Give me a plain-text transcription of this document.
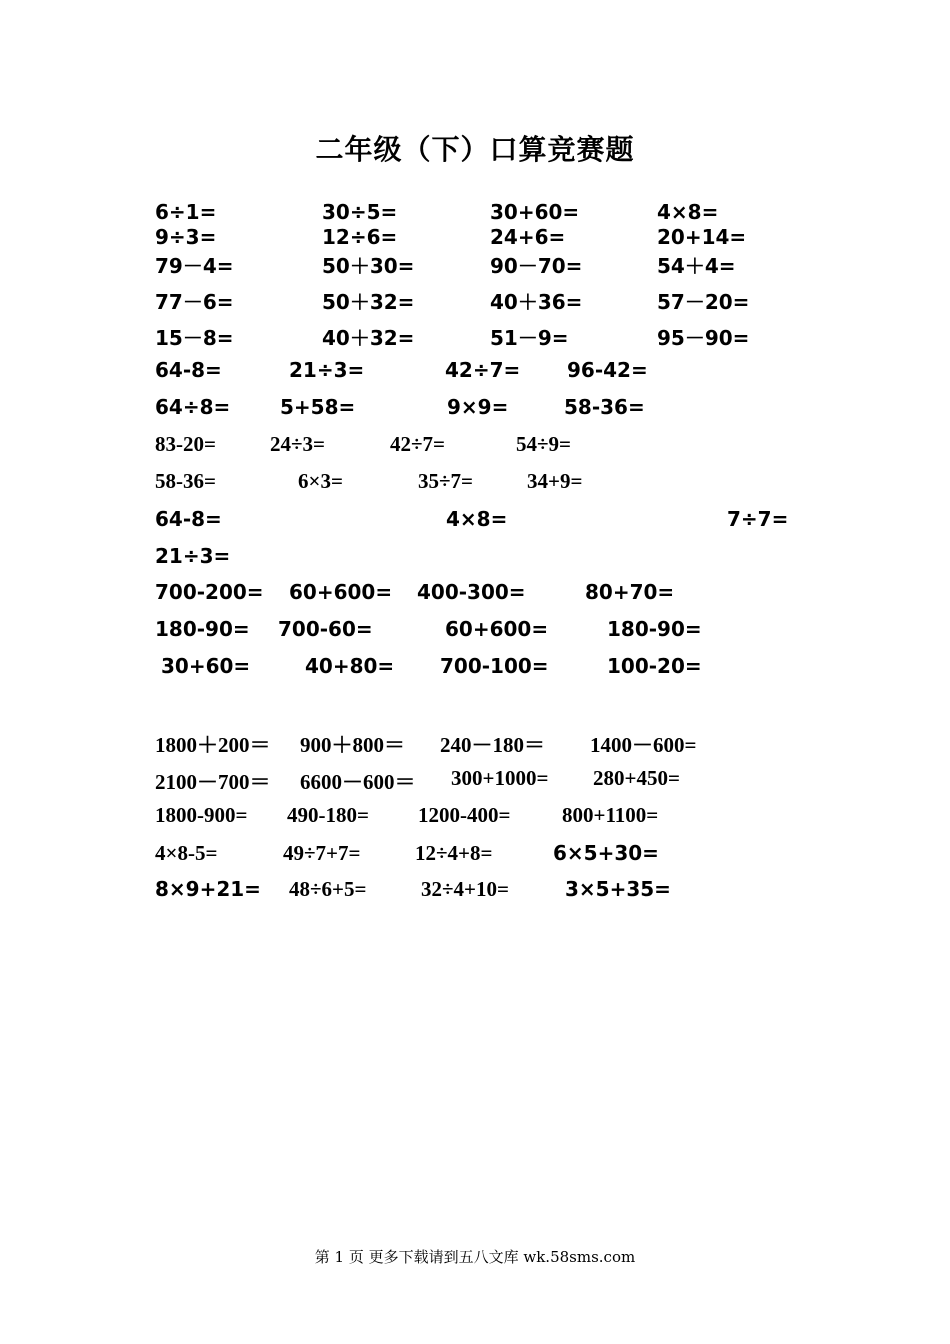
二年级（下）口算竞赛题
6÷1=	30÷5=	30+60=	4×8=
9÷3=	12÷6=	24+6=	20+14=
79－4=	50＋30=	90－70=	54＋4=
77－6=	50＋32=	40＋36=	57－20=
15－8=	40＋32=	51－9=	95－90=
64-8=	21÷3=	42÷7= 96-42=
64÷8= 5+58=	9×9=	58-36=
83-20=	24÷3=	42÷7=	54÷9=
58-36=	6×3=	35÷7=	34+9=
64-8=	4×8=	7÷7=
21÷3=
700-200= 60+600= 400-300=	80+70=
180-90= 700-60=	60+600=	180-90=
30+60=	40+80= 700-100=	100-20=
1800＋200＝ 900＋800＝ 240－180＝ 1400－600=
2100－700＝ 6600－600＝ 300+1000= 280+450=
1800-900= 490-180= 1200-400= 800+1100=
4×8-5=	49÷7+7=	12÷4+8=	6×5+30=
8×9+21= 48÷6+5=	32÷4+10=	3×5+35=
第 1 页 更多下载请到五八文库 wk.58sms.com
